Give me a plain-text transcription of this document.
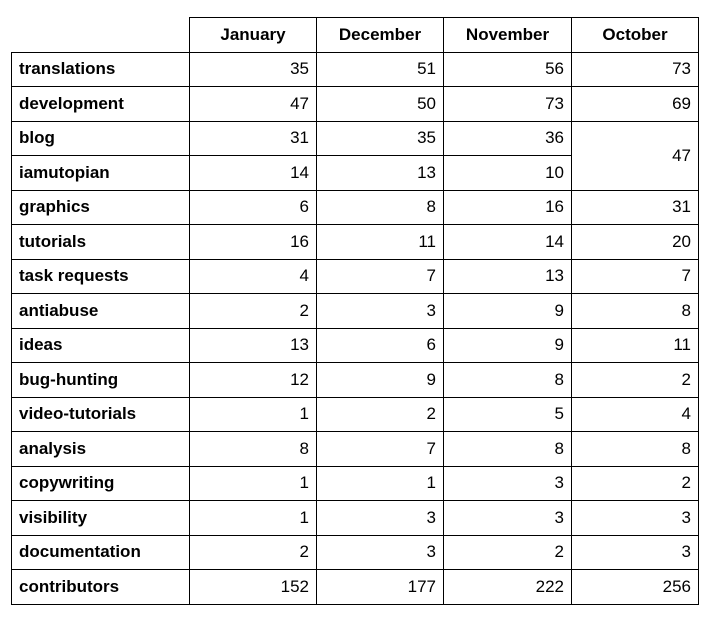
	January	December	November	October
translations	35	51	56	73
development	47	50	73	69
blog	31	35	36	47
iamutopian	14	13	10	
graphics	6	8	16	31
tutorials	16	11	14	20
task requests	4	7	13	7
antiabuse	2	3	9	8
ideas	13	6	9	11
bug-hunting	12	9	8	2
video-tutorials	1	2	5	4
analysis	8	7	8	8
copywriting	1	1	3	2
visibility	1	3	3	3
documentation	2	3	2	3
contributors	152	177	222	256
